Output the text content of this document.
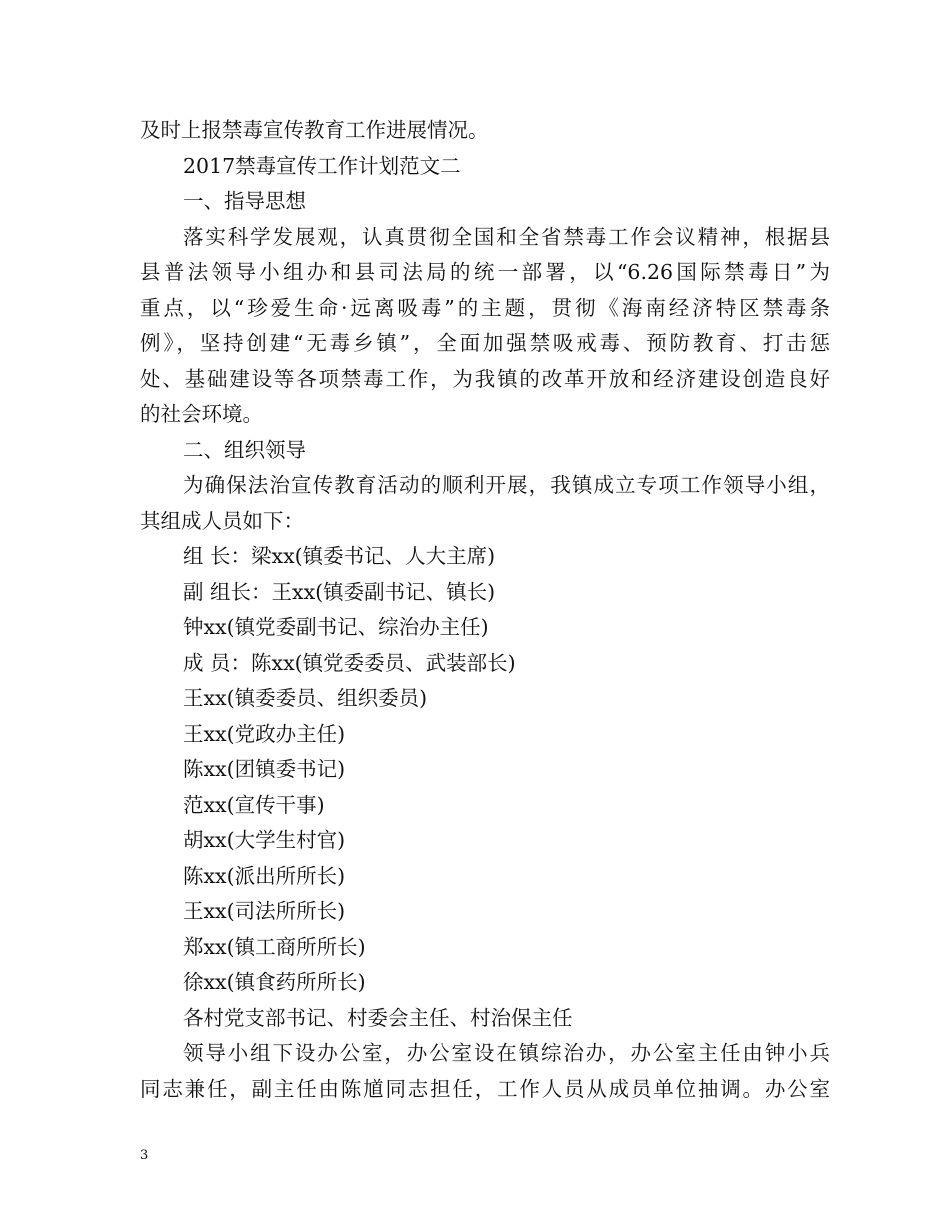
及时上报禁毒宣传教育工作进展情况。
2017禁毒宣传工作计划范文二
一、指导思想
落实科学发展观，认真贯彻全国和全省禁毒工作会议精神，根据县
县普法领导小组办和县司法局的统一部署，以“6.26国际禁毒日”为
重点，以“珍爱生命·远离吸毒”的主题，贯彻《海南经济特区禁毒条
例》，坚持创建“无毒乡镇”，全面加强禁吸戒毒、预防教育、打击惩
处、基础建设等各项禁毒工作，为我镇的改革开放和经济建设创造良好
的社会环境。
二、组织领导
为确保法治宣传教育活动的顺利开展，我镇成立专项工作领导小组，
其组成人员如下：
组 长：梁xx(镇委书记、人大主席)
副 组长：王xx(镇委副书记、镇长)
钟xx(镇党委副书记、综治办主任)
成 员：陈xx(镇党委委员、武装部长)
王xx(镇委委员、组织委员)
王xx(党政办主任)
陈xx(团镇委书记)
范xx(宣传干事)
胡xx(大学生村官)
陈xx(派出所所长)
王xx(司法所所长)
郑xx(镇工商所所长)
徐xx(镇食药所所长)
各村党支部书记、村委会主任、村治保主任
领导小组下设办公室，办公室设在镇综治办，办公室主任由钟小兵
同志兼任，副主任由陈馗同志担任，工作人员从成员单位抽调。办公室
3
